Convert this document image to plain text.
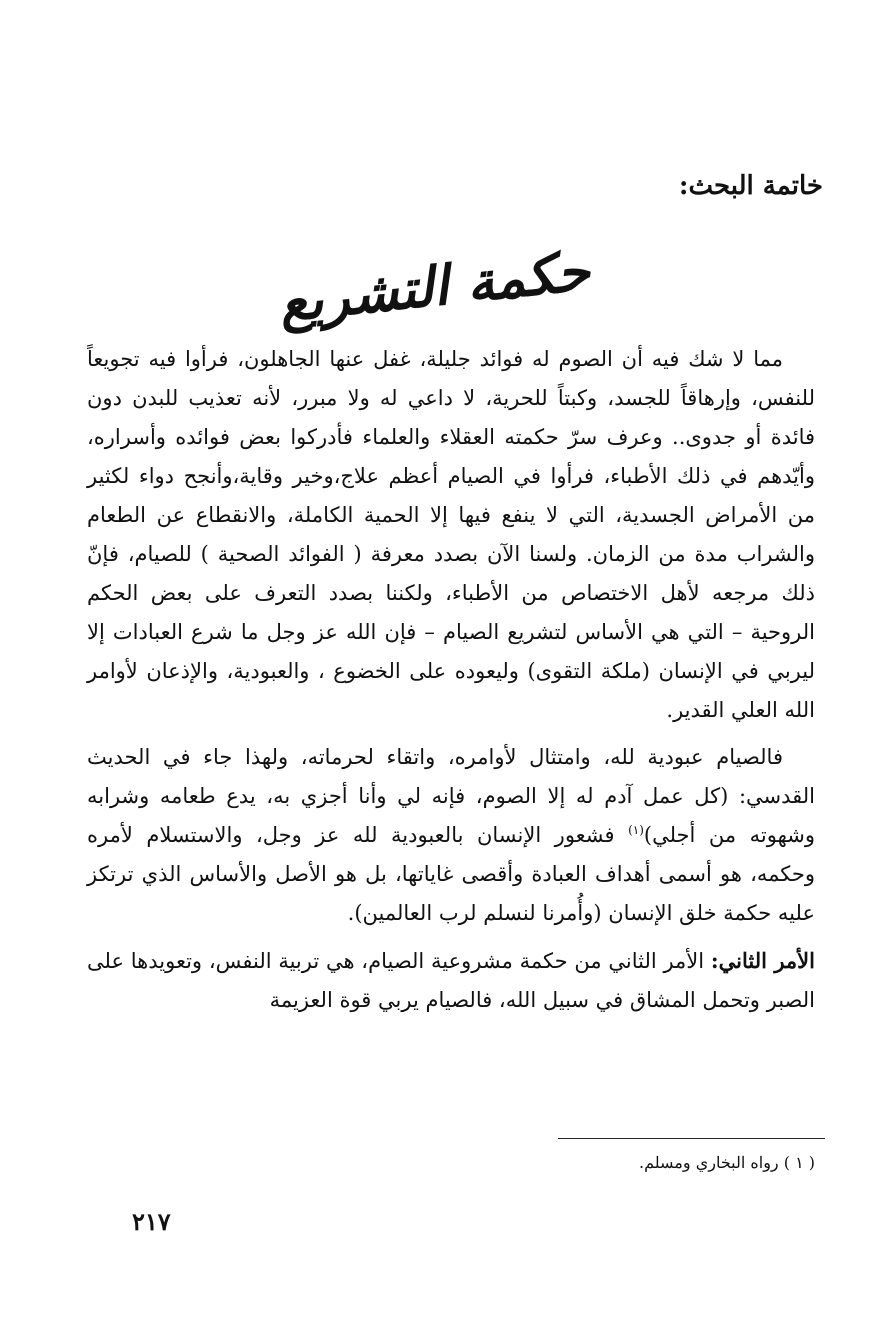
خاتمة البحث:
حكمة التشريع

مما لا شك فيه أن الصوم له فوائد جليلة، غفل عنها الجاهلون، فرأوا فيه تجويعاً للنفس، وإرهاقاً للجسد، وكبتاً للحرية، لا داعي له ولا مبرر، لأنه تعذيب للبدن دون فائدة أو جدوى.. وعرف سرّ حكمته العقلاء والعلماء فأدركوا بعض فوائده وأسراره، وأيّدهم في ذلك الأطباء، فرأوا في الصيام أعظم علاج،وخير وقاية،وأنجح دواء لكثير من الأمراض الجسدية، التي لا ينفع فيها إلا الحمية الكاملة، والانقطاع عن الطعام والشراب مدة من الزمان. ولسنا الآن بصدد معرفة ( الفوائد الصحية ) للصيام، فإنّ ذلك مرجعه لأهل الاختصاص من الأطباء، ولكننا بصدد التعرف على بعض الحكم الروحية – التي هي الأساس لتشريع الصيام – فإن الله عز وجل ما شرع العبادات إلا ليربي في الإنسان (ملكة التقوى) وليعوده على الخضوع ، والعبودية، والإذعان لأوامر الله العلي القدير.

فالصيام عبودية لله، وامتثال لأوامره، واتقاء لحرماته، ولهذا جاء في الحديث القدسي: (كل عمل آدم له إلا الصوم، فإنه لي وأنا أجزي به، يدع طعامه وشرابه وشهوته من أجلي)$^{(١)}$ فشعور الإنسان بالعبودية لله عز وجل، والاستسلام لأمره وحكمه، هو أسمى أهداف العبادة وأقصى غاياتها، بل هو الأصل والأساس الذي ترتكز عليه حكمة خلق الإنسان (وأُمرنا لنسلم لرب العالمين).

الأمر الثاني: الأمر الثاني من حكمة مشروعية الصيام، هي تربية النفس، وتعويدها على الصبر وتحمل المشاق في سبيل الله، فالصيام يربي قوة العزيمة

( ١ ) رواه البخاري ومسلم.
٢١٧
